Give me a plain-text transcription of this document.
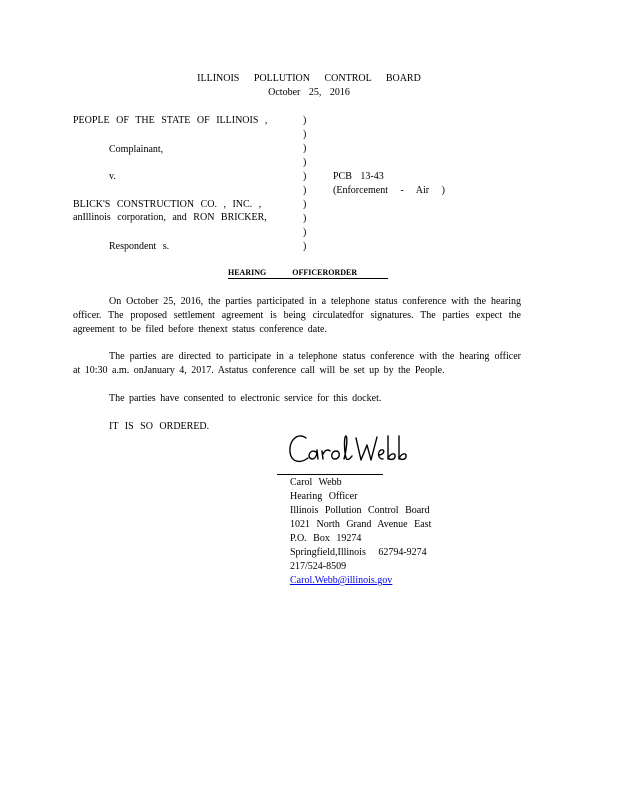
ILLINOIS POLLUTION CONTROL BOARD
October 25, 2016
PEOPLE OF THE STATE OF ILLINOIS ,
Complainant,
v.
BLICK'S CONSTRUCTION CO. , INC. ,
anIllinois corporation, and RON BRICKER,
Respondent s.
)
)
)
)
)
)
)
)
)
)
PCB 13-43
(Enforcement - Air )
HEARING OFFICERORDER
On October 25, 2016, the parties participated in a telephone status conference with the hearing officer. The proposed settlement agreement is being circulatedfor signatures. The parties expect the agreement to be filed before thenext status conference date.
The parties are directed to participate in a telephone status conference with the hearing officer at 10:30 a.m. onJanuary 4, 2017. Astatus conference call will be set up by the People.
The parties have consented to electronic service for this docket.
IT IS SO ORDERED.
Carol Webb
Hearing Officer
Illinois Pollution Control Board
1021 North Grand Avenue East
P.O. Box 19274
Springfield,Illinois 62794-9274
217/524-8509
Carol.Webb@illinois.gov
